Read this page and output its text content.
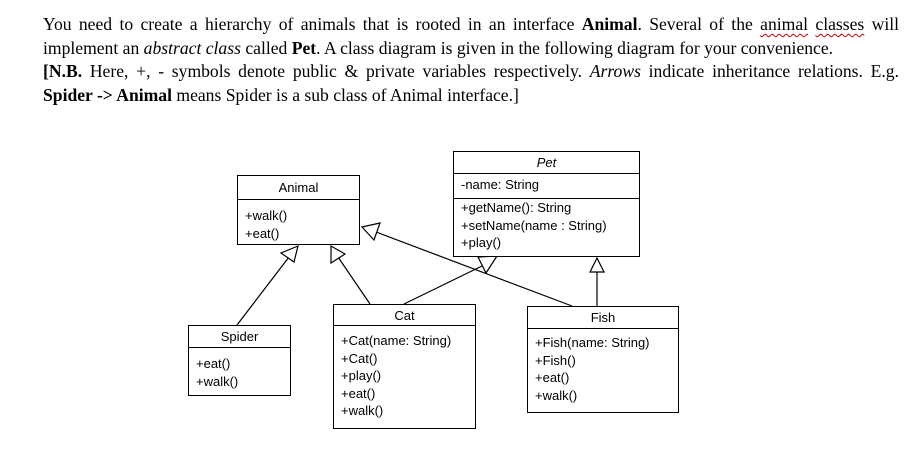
You need to create a hierarchy of animals that is rooted in an interface Animal. Several of the animal classes will implement an abstract class called Pet. A class diagram is given in the following diagram for your convenience.

[N.B. Here, +, - symbols denote public & private variables respectively. Arrows indicate inheritance relations. E.g. Spider -> Animal means Spider is a sub class of Animal interface.]

Animal
+walk()
+eat()
Pet
-name: String
+getName(): String
+setName(name : String)
+play()
Spider
+eat()
+walk()
Cat
+Cat(name: String)
+Cat()
+play()
+eat()
+walk()
Fish
+Fish(name: String)
+Fish()
+eat()
+walk()
